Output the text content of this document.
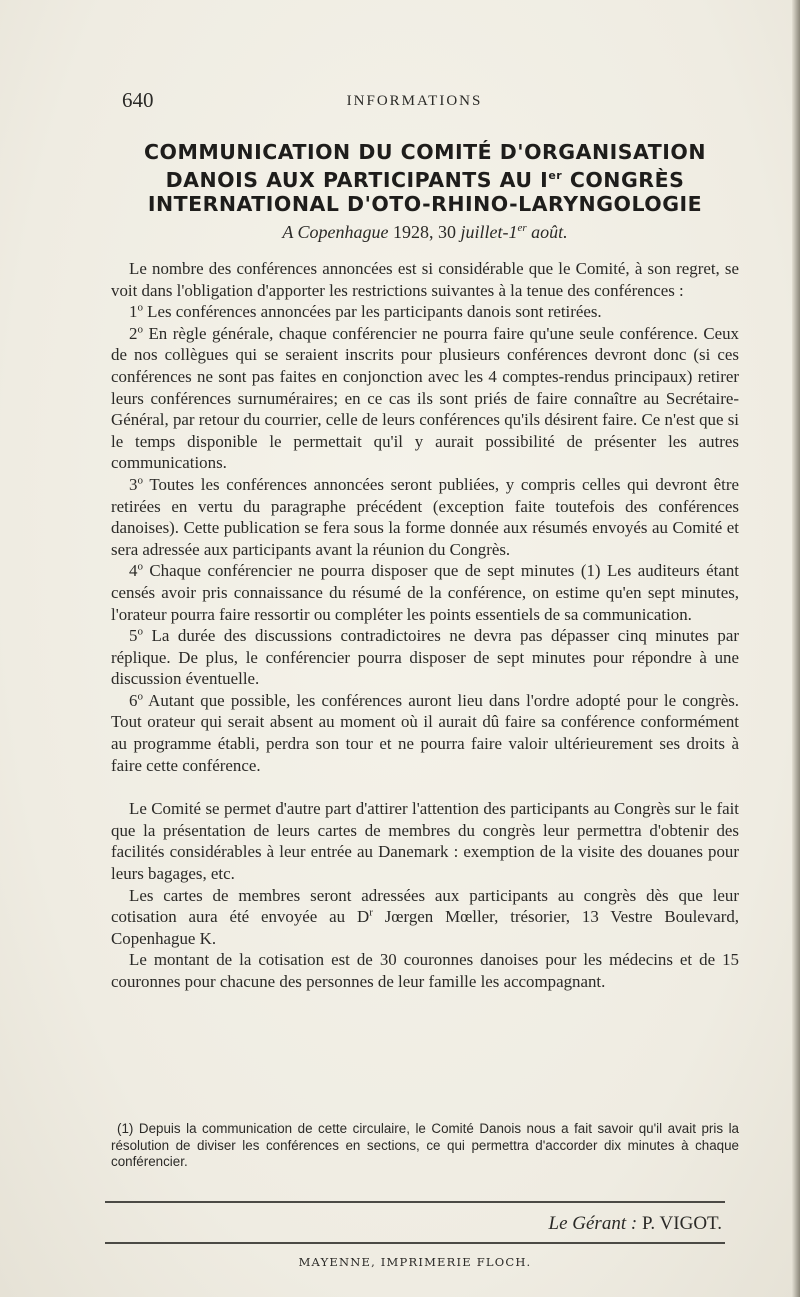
640	INFORMATIONS
COMMUNICATION DU COMITÉ D'ORGANISATION
DANOIS AUX PARTICIPANTS AU Ier CONGRÈS
INTERNATIONAL D'OTO-RHINO-LARYNGOLOGIE
A Copenhague 1928, 30 juillet-1er août.

Le nombre des conférences annoncées est si considérable que le Comité, à son regret, se voit dans l'obligation d'apporter les restrictions suivantes à la tenue des conférences :

1$^o$ Les conférences annoncées par les participants danois sont retirées.

2$^o$ En règle générale, chaque conférencier ne pourra faire qu'une seule conférence. Ceux de nos collègues qui se seraient inscrits pour plusieurs conférences devront donc (si ces conférences ne sont pas faites en conjonction avec les 4 comptes-rendus principaux) retirer leurs conférences surnuméraires; en ce cas ils sont priés de faire connaître au Secrétaire-Général, par retour du courrier, celle de leurs conférences qu'ils désirent faire. Ce n'est que si le temps disponible le permettait qu'il y aurait possibilité de présenter les autres communications.

3$^o$ Toutes les conférences annoncées seront publiées, y compris celles qui devront être retirées en vertu du paragraphe précédent (exception faite toutefois des conférences danoises). Cette publication se fera sous la forme donnée aux résumés envoyés au Comité et sera adressée aux participants avant la réunion du Congrès.

4$^o$ Chaque conférencier ne pourra disposer que de sept minutes (1) Les auditeurs étant censés avoir pris connaissance du résumé de la conférence, on estime qu'en sept minutes, l'orateur pourra faire ressortir ou compléter les points essentiels de sa communication.

5$^o$ La durée des discussions contradictoires ne devra pas dépasser cinq minutes par réplique. De plus, le conférencier pourra disposer de sept minutes pour répondre à une discussion éventuelle.

6$^o$ Autant que possible, les conférences auront lieu dans l'ordre adopté pour le congrès. Tout orateur qui serait absent au moment où il aurait dû faire sa conférence conformément au programme établi, perdra son tour et ne pourra faire valoir ultérieurement ses droits à faire cette conférence.

Le Comité se permet d'autre part d'attirer l'attention des participants au Congrès sur le fait que la présentation de leurs cartes de membres du congrès leur permettra d'obtenir des facilités considérables à leur entrée au Danemark : exemption de la visite des douanes pour leurs bagages, etc.

Les cartes de membres seront adressées aux participants au congrès dès que leur cotisation aura été envoyée au $D^r$ Jœrgen Mœller, trésorier, 13 Vestre Boulevard, Copenhague K.

Le montant de la cotisation est de 30 couronnes danoises pour les médecins et de 15 couronnes pour chacune des personnes de leur famille les accompagnant.

(1) Depuis la communication de cette circulaire, le Comité Danois nous a fait savoir qu'il avait pris la résolution de diviser les conférences en sections, ce qui permettra d'accorder dix minutes à chaque conférencier.

Le Gérant : P. VIGOT.
MAYENNE, IMPRIMERIE FLOCH.
